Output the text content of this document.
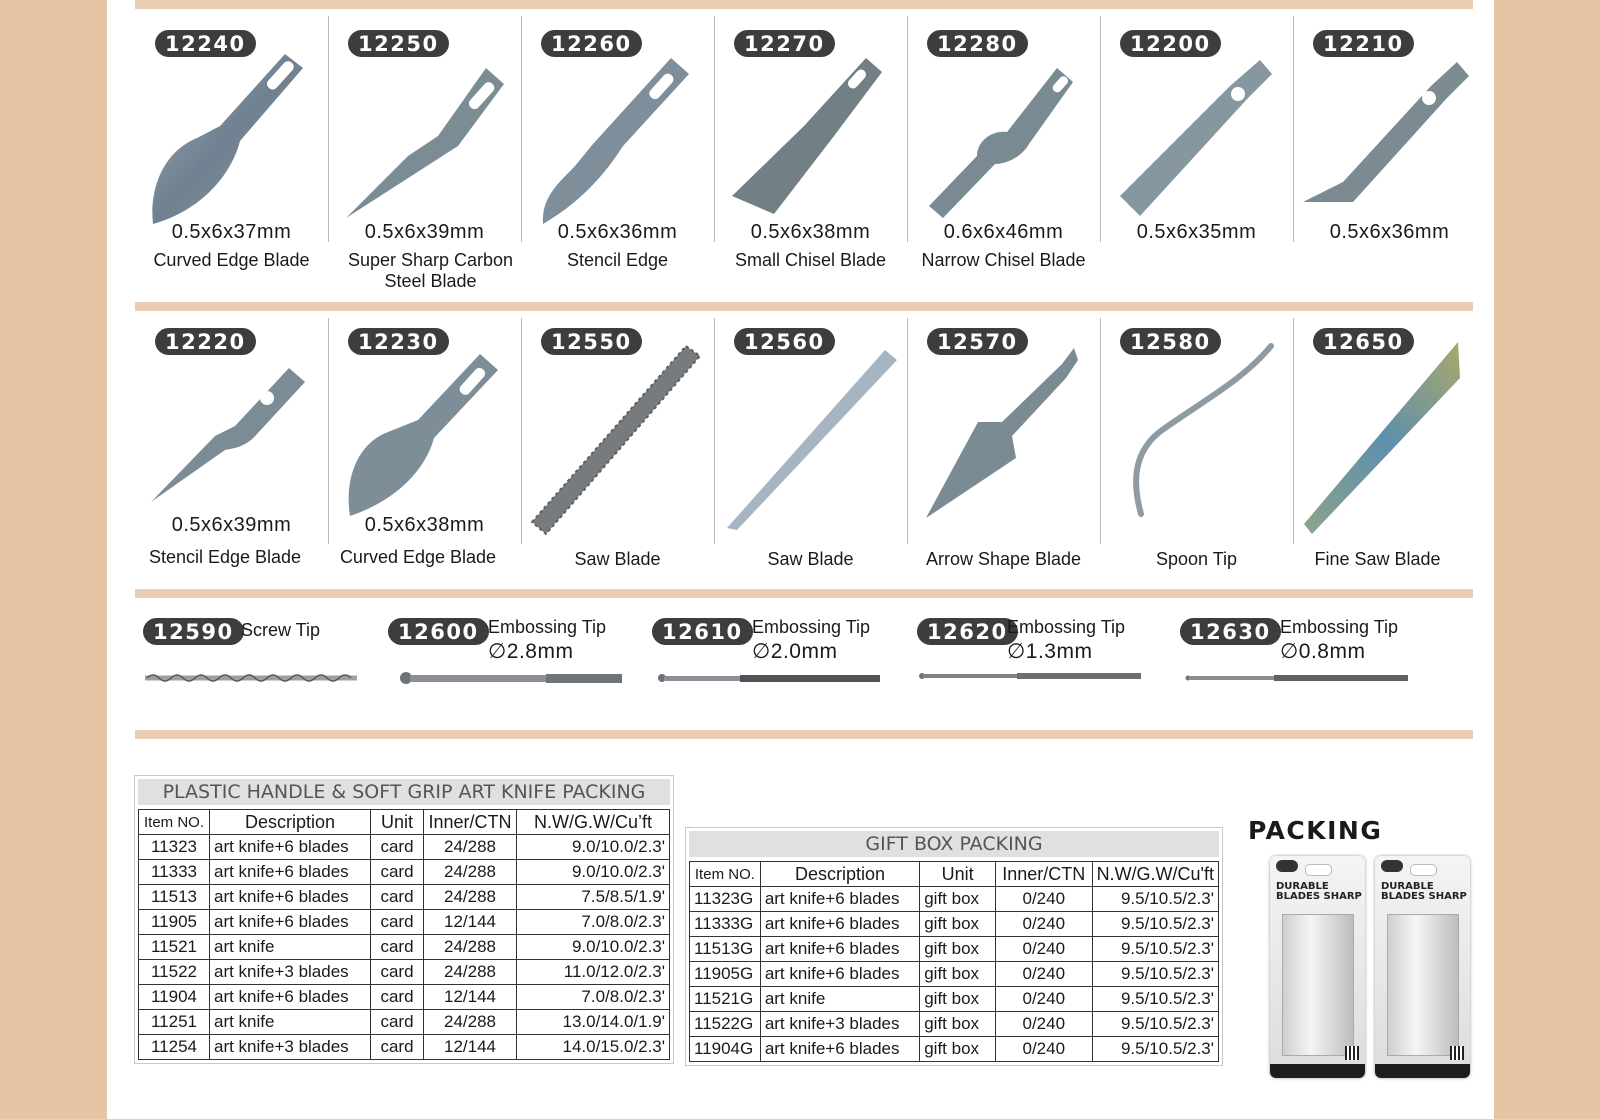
12240
0.5x6x37mm
12250
0.5x6x39mm
12260
0.5x6x36mm
12270
0.5x6x38mm
12280
0.6x6x46mm
12200
0.5x6x35mm
12210
0.5x6x36mm
Curved Edge Blade	Super Sharp Carbon Steel Blade
Stencil Edge	Small Chisel Blade	Narrow Chisel Blade
12220
0.5x6x39mm
12230
0.5x6x38mm
12550	12560	12570	12580	12650
Stencil Edge Blade	Curved Edge Blade	Saw Blade	Saw Blade	Arrow Shape Blade	Spoon Tip	Fine Saw Blade
12590 Screw Tip	12600 Embossing Tip
∅2.8mm
12610 Embossing Tip
∅2.0mm
12620 Embossing Tip
∅1.3mm
12630 Embossing Tip
∅0.8mm
PLASTIC HANDLE & SOFT GRIP ART KNIFE PACKING
Item NO.	Description	Unit	Inner/CTN	N.W/G.W/Cu’ft
11323	art knife+6 blades	card	24/288	9.0/10.0/2.3'
11333	art knife+6 blades	card	24/288	9.0/10.0/2.3'
11513	art knife+6 blades	card	24/288	7.5/8.5/1.9'
11905	art knife+6 blades	card	12/144	7.0/8.0/2.3'
11521	art knife	card	24/288	9.0/10.0/2.3'
11522	art knife+3 blades	card	24/288	11.0/12.0/2.3'
11904	art knife+6 blades	card	12/144	7.0/8.0/2.3'
11251	art knife	card	24/288	13.0/14.0/1.9'
11254	art knife+3 blades	card	12/144	14.0/15.0/2.3'
GIFT BOX PACKING
Item NO.	Description	Unit	Inner/CTN	N.W/G.W/Cu'ft
11323G	art knife+6 blades	gift box	0/240	9.5/10.5/2.3'
11333G	art knife+6 blades	gift box	0/240	9.5/10.5/2.3'
11513G	art knife+6 blades	gift box	0/240	9.5/10.5/2.3'
11905G	art knife+6 blades	gift box	0/240	9.5/10.5/2.3'
11521G	art knife	gift box	0/240	9.5/10.5/2.3'
11522G	art knife+3 blades	gift box	0/240	9.5/10.5/2.3'
11904G	art knife+6 blades	gift box	0/240	9.5/10.5/2.3'
PACKING
DURABLE
BLADES SHARP
DURABLE
BLADES SHARP
